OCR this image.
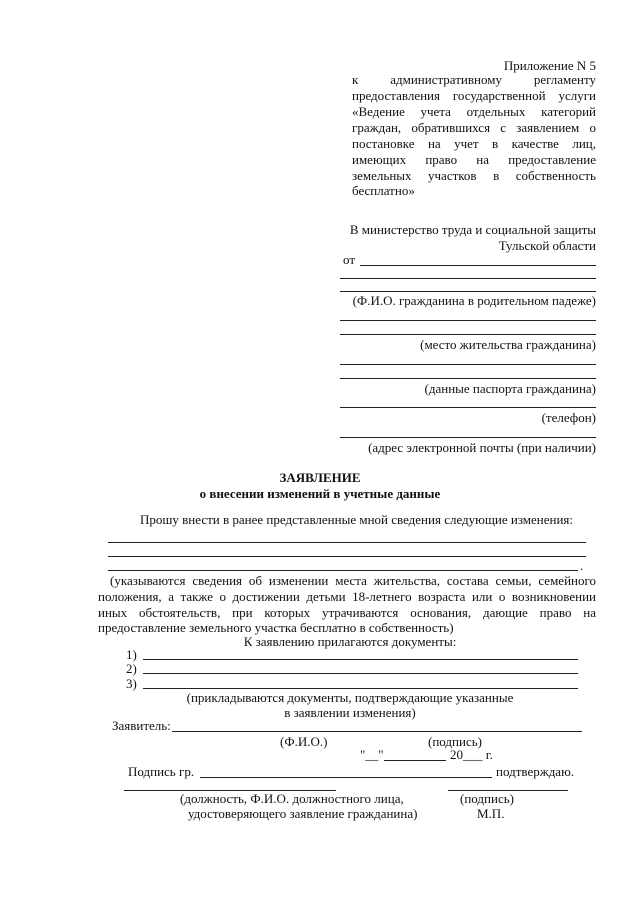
Приложение N 5
к административному регламенту
предоставления государственной услуги
«Ведение учета отдельных категорий
граждан, обратившихся с заявлением о
постановке на учет в качестве лиц,
имеющих право на предоставление
земельных участков в собственность
бесплатно»
В министерство труда и социальной защиты
Тульской области
от
(Ф.И.О. гражданина в родительном падеже)
(место жительства гражданина)
(данные паспорта гражданина)
(телефон)
(адрес электронной почты (при наличии)
ЗАЯВЛЕНИЕ
о внесении изменений в учетные данные
Прошу внести в ранее представленные мной сведения следующие изменения:
.
(указываются сведения об изменении места жительства, состава семьи, семейного
положения, а также о достижении детьми 18-летнего возраста или о возникновении
иных обстоятельств, при которых утрачиваются основания, дающие право на
предоставление земельного участка бесплатно в собственность)
К заявлению прилагаются документы:
1)
2)
3)
(прикладываются документы, подтверждающие указанные
в заявлении изменения)
Заявитель:
(Ф.И.О.)	(подпись)
"__"	20___ г.
Подпись гр.	подтверждаю.
(должность, Ф.И.О. должностного лица,
удостоверяющего заявление гражданина)
(подпись)
М.П.
